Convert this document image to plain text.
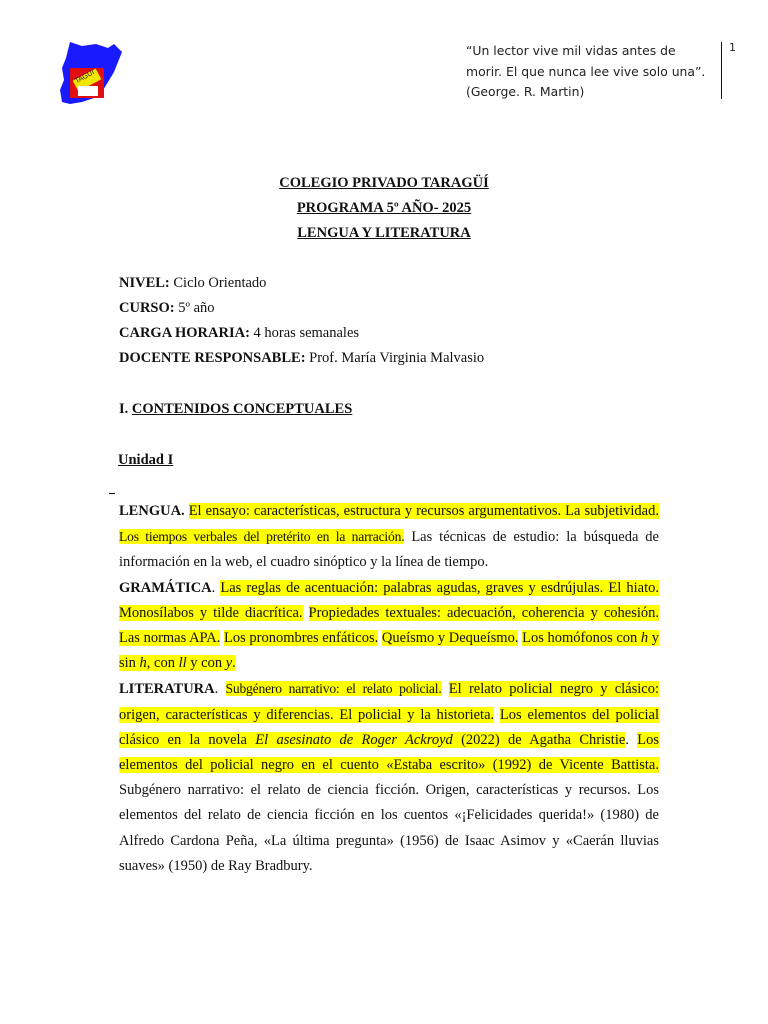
TAGUI
“Un lector vive mil vidas antes de morir. El que nunca lee vive solo una”. (George. R. Martin)
1
COLEGIO PRIVADO TARAGÜÍ
PROGRAMA 5º AÑO- 2025
LENGUA Y LITERATURA
NIVEL: Ciclo Orientado
CURSO: 5º año
CARGA HORARIA: 4 horas semanales
DOCENTE RESPONSABLE: Prof. María Virginia Malvasio
I. CONTENIDOS CONCEPTUALES
Unidad I

LENGUA. El ensayo: características, estructura y recursos argumentativos. La subjetividad. Los tiempos verbales del pretérito en la narración. Las técnicas de estudio: la búsqueda de información en la web, el cuadro sinóptico y la línea de tiempo.

GRAMÁTICA. Las reglas de acentuación: palabras agudas, graves y esdrújulas. El hiato. Monosílabos y tilde diacrítica. Propiedades textuales: adecuación, coherencia y cohesión. Las normas APA. Los pronombres enfáticos. Queísmo y Dequeísmo. Los homófonos con h y sin h, con ll y con y.

LITERATURA. Subgénero narrativo: el relato policial. El relato policial negro y clásico: origen, características y diferencias. El policial y la historieta. Los elementos del policial clásico en la novela El asesinato de Roger Ackroyd (2022) de Agatha Christie. Los elementos del policial negro en el cuento «Estaba escrito» (1992) de Vicente Battista. Subgénero narrativo: el relato de ciencia ficción. Origen, características y recursos. Los elementos del relato de ciencia ficción en los cuentos «¡Felicidades querida!» (1980) de Alfredo Cardona Peña, «La última pregunta» (1956) de Isaac Asimov y «Caerán lluvias suaves» (1950) de Ray Bradbury.
